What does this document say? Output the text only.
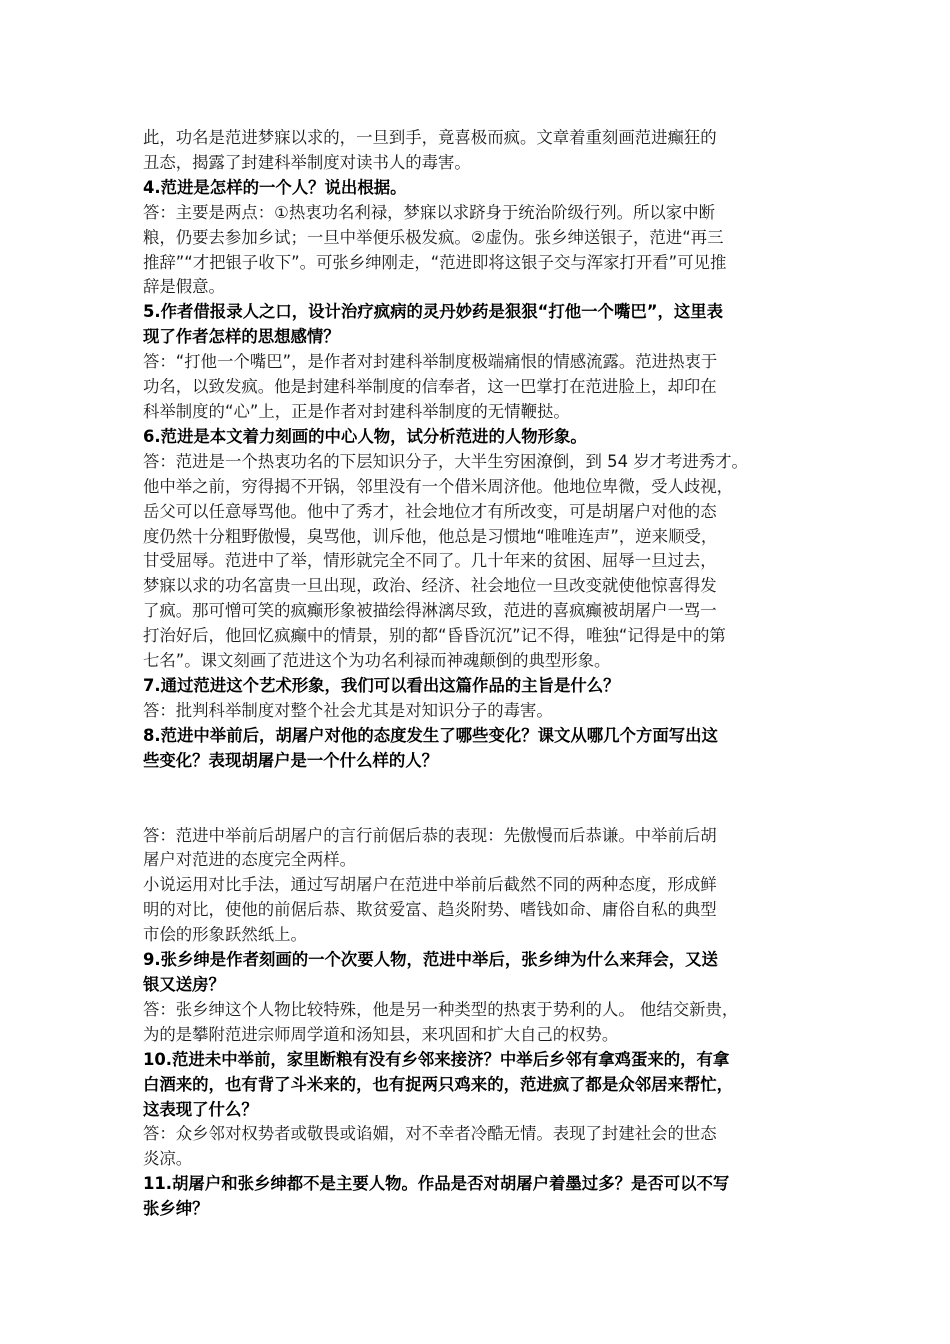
此，功名是范进梦寐以求的，一旦到手，竟喜极而疯。文章着重刻画范进癫狂的
丑态，揭露了封建科举制度对读书人的毒害。
4.范进是怎样的一个人？说出根据。
答：主要是两点：①热衷功名利禄，梦寐以求跻身于统治阶级行列。所以家中断
粮，仍要去参加乡试；一旦中举便乐极发疯。②虚伪。张乡绅送银子，范进“再三
推辞”“才把银子收下”。可张乡绅刚走，“范进即将这银子交与浑家打开看”可见推
辞是假意。
5.作者借报录人之口，设计治疗疯病的灵丹妙药是狠狠“打他一个嘴巴”，这里表
现了作者怎样的思想感情？
答：“打他一个嘴巴”，是作者对封建科举制度极端痛恨的情感流露。范进热衷于
功名，以致发疯。他是封建科举制度的信奉者，这一巴掌打在范进脸上，却印在
科举制度的“心”上，正是作者对封建科举制度的无情鞭挞。
6.范进是本文着力刻画的中心人物，试分析范进的人物形象。
答：范进是一个热衷功名的下层知识分子，大半生穷困潦倒，到 54 岁才考进秀才。
他中举之前，穷得揭不开锅，邻里没有一个借米周济他。他地位卑微，受人歧视，
岳父可以任意辱骂他。他中了秀才，社会地位才有所改变，可是胡屠户对他的态
度仍然十分粗野傲慢，臭骂他，训斥他，他总是习惯地“唯唯连声”，逆来顺受，
甘受屈辱。范进中了举，情形就完全不同了。几十年来的贫困、屈辱一旦过去，
梦寐以求的功名富贵一旦出现，政治、经济、社会地位一旦改变就使他惊喜得发
了疯。那可憎可笑的疯癫形象被描绘得淋漓尽致，范进的喜疯癫被胡屠户一骂一
打治好后，他回忆疯癫中的情景，别的都“昏昏沉沉”记不得，唯独“记得是中的第
七名”。课文刻画了范进这个为功名利禄而神魂颠倒的典型形象。
7.通过范进这个艺术形象，我们可以看出这篇作品的主旨是什么？
答：批判科举制度对整个社会尤其是对知识分子的毒害。
8.范进中举前后，胡屠户对他的态度发生了哪些变化？课文从哪几个方面写出这
些变化？表现胡屠户是一个什么样的人？
答：范进中举前后胡屠户的言行前倨后恭的表现：先傲慢而后恭谦。中举前后胡
屠户对范进的态度完全两样。
小说运用对比手法，通过写胡屠户在范进中举前后截然不同的两种态度，形成鲜
明的对比，使他的前倨后恭、欺贫爱富、趋炎附势、嗜钱如命、庸俗自私的典型
市侩的形象跃然纸上。
9.张乡绅是作者刻画的一个次要人物，范进中举后，张乡绅为什么来拜会，又送
银又送房？
答：张乡绅这个人物比较特殊，他是另一种类型的热衷于势利的人。 他结交新贵，
为的是攀附范进宗师周学道和汤知县，来巩固和扩大自己的权势。
10.范进未中举前，家里断粮有没有乡邻来接济？中举后乡邻有拿鸡蛋来的，有拿
白酒来的，也有背了斗米来的，也有捉两只鸡来的，范进疯了都是众邻居来帮忙，
这表现了什么？
答：众乡邻对权势者或敬畏或谄媚，对不幸者冷酷无情。表现了封建社会的世态
炎凉。
11.胡屠户和张乡绅都不是主要人物。作品是否对胡屠户着墨过多？是否可以不写
张乡绅？
